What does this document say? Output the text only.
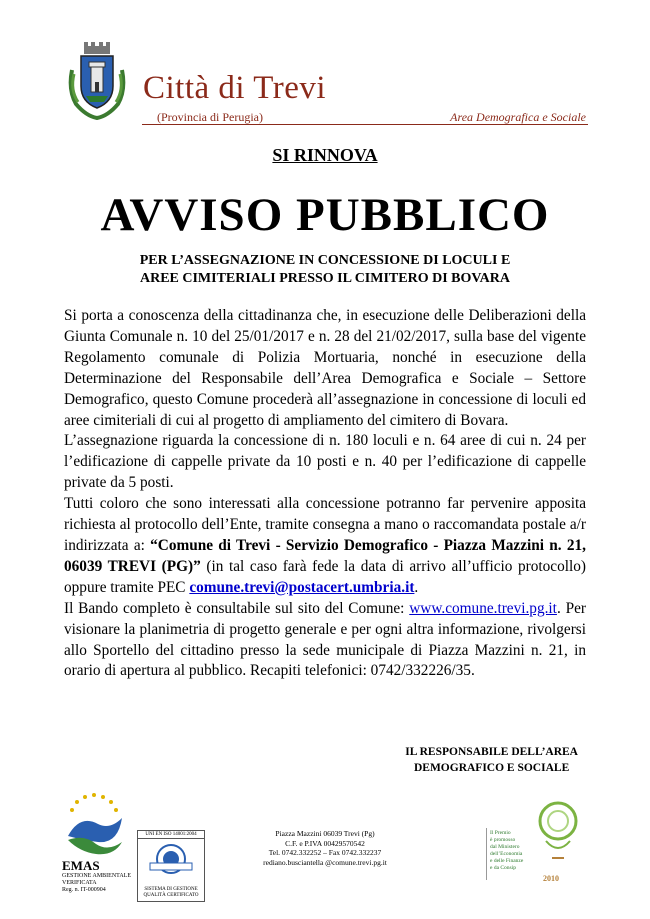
Città di Trevi
(Provincia di Perugia)	Area Demografica e Sociale
SI RINNOVA
AVVISO PUBBLICO
PER L’ASSEGNAZIONE IN CONCESSIONE DI LOCULI E
AREE CIMITERIALI PRESSO IL CIMITERO DI BOVARA

Si porta a conoscenza della cittadinanza che, in esecuzione delle Deliberazioni della Giunta Comunale n. 10 del 25/01/2017 e n. 28 del 21/02/2017, sulla base del vigente Regolamento comunale di Polizia Mortuaria, nonché in esecuzione della Determinazione del Responsabile dell’Area Demografica e Sociale – Settore Demografico, questo Comune procederà all’assegnazione in concessione di loculi ed aree cimiteriali di cui al progetto di ampliamento del cimitero di Bovara.

L’assegnazione riguarda la concessione di n. 180 loculi e n. 64 aree di cui n. 24 per l’edificazione di cappelle private da 10 posti e n. 40 per l’edificazione di cappelle private da 5 posti.

Tutti coloro che sono interessati alla concessione potranno far pervenire apposita richiesta al protocollo dell’Ente, tramite consegna a mano o raccomandata postale a/r indirizzata a: “Comune di Trevi - Servizio Demografico - Piazza Mazzini n. 21, 06039 TREVI (PG)” (in tal caso farà fede la data di arrivo all’ufficio protocollo) oppure tramite PEC comune.trevi@postacert.umbria.it.

Il Bando completo è consultabile sul sito del Comune: www.comune.trevi.pg.it. Per visionare la planimetria di progetto generale e per ogni altra informazione, rivolgersi allo Sportello del cittadino presso la sede municipale di Piazza Mazzini n. 21, in orario di apertura al pubblico. Recapiti telefonici: 0742/332226/35.

IL RESPONSABILE DELL’AREA
DEMOGRAFICO E SOCIALE
EMAS
GESTIONE AMBIENTALE
VERIFICATA
Reg. n. IT-000904
UNI EN ISO 14001:2004
SISTEMA DI GESTIONE
QUALITÀ CERTIFICATO
Piazza Mazzini 06039 Trevi (Pg)
C.F. e P.IVA 00429570542
Tel. 0742.332252 – Fax 0742.332237
rediano.busciantella @comune.trevi.pg.it
Il Premio
è promosso
dal Ministero
dell’Economia
e delle Finanze
e da Consip
2010
